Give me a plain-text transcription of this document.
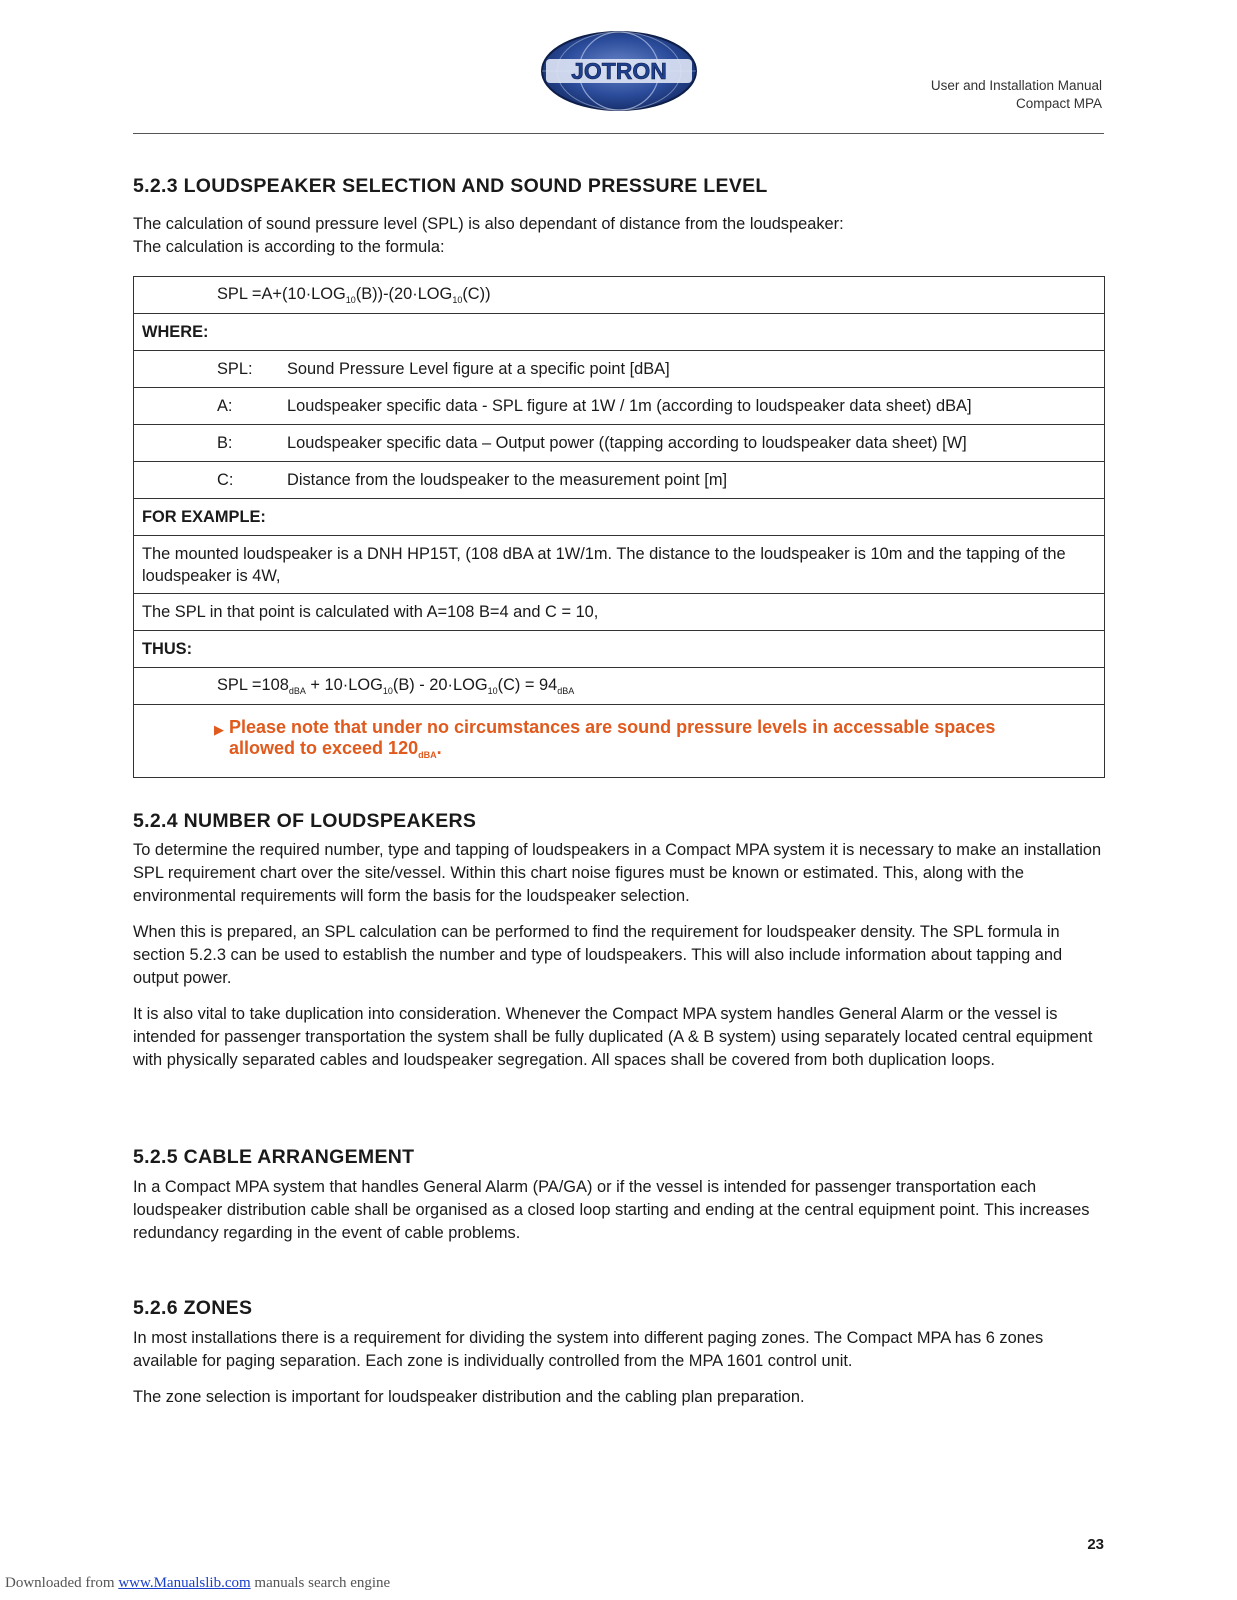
JOTRON
User and Installation Manual
Compact MPA
5.2.3 LOUDSPEAKER SELECTION AND SOUND PRESSURE LEVEL

The calculation of sound pressure level (SPL) is also dependant of distance from the loudspeaker:

The calculation is according to the formula:

SPL $=A+(10\cdot LOG_{10}(B))-(20\cdot LOG_{10}(C))$

WHERE:

SPL: Sound Pressure Level figure at a specific point [dBA]

A:	Loudspeaker specific data - SPL figure at 1W / 1m (according to loudspeaker data sheet) dBA]

B:	Loudspeaker specific data – Output power ((tapping according to loudspeaker data sheet) [W]

C:	Distance from the loudspeaker to the measurement point [m]

FOR EXAMPLE:
The mounted loudspeaker is a DNH HP15T, (108 dBA at 1W/1m. The distance to the loudspeaker is 10m and the tapping of the loudspeaker is 4W,
The SPL in that point is calculated with A=108 B=4 and C = 10,
THUS:

SPL $=108_{dBA} + 10\cdot LOG_{10}(B) - 20\cdot LOG_{10}(C) = 94_{dBA}$

▶ Please note that under no circumstances are sound pressure levels in accessable spaces
allowed to exceed $120_{dBA}$.
5.2.4 NUMBER OF LOUDSPEAKERS

To determine the required number, type and tapping of loudspeakers in a Compact MPA system it is necessary to make an installation SPL requirement chart over the site/vessel. Within this chart noise figures must be known or estimated. This, along with the environmental requirements will form the basis for the loudspeaker selection.

When this is prepared, an SPL calculation can be performed to find the requirement for loudspeaker density. The SPL formula in section 5.2.3 can be used to establish the number and type of loudspeakers. This will also include information about tapping and output power.

It is also vital to take duplication into consideration. Whenever the Compact MPA system handles General Alarm or the vessel is intended for passenger transportation the system shall be fully duplicated (A & B system) using separately located central equipment with physically separated cables and loudspeaker segregation. All spaces shall be covered from both duplication loops.

5.2.5 CABLE ARRANGEMENT

In a Compact MPA system that handles General Alarm (PA/GA) or if the vessel is intended for passenger transportation each loudspeaker distribution cable shall be organised as a closed loop starting and ending at the central equipment point. This increases redundancy regarding in the event of cable problems.

5.2.6 ZONES

In most installations there is a requirement for dividing the system into different paging zones. The Compact MPA has 6 zones available for paging separation. Each zone is individually controlled from the MPA 1601 control unit.

The zone selection is important for loudspeaker distribution and the cabling plan preparation.

23
Downloaded from www.Manualslib.com manuals search engine
